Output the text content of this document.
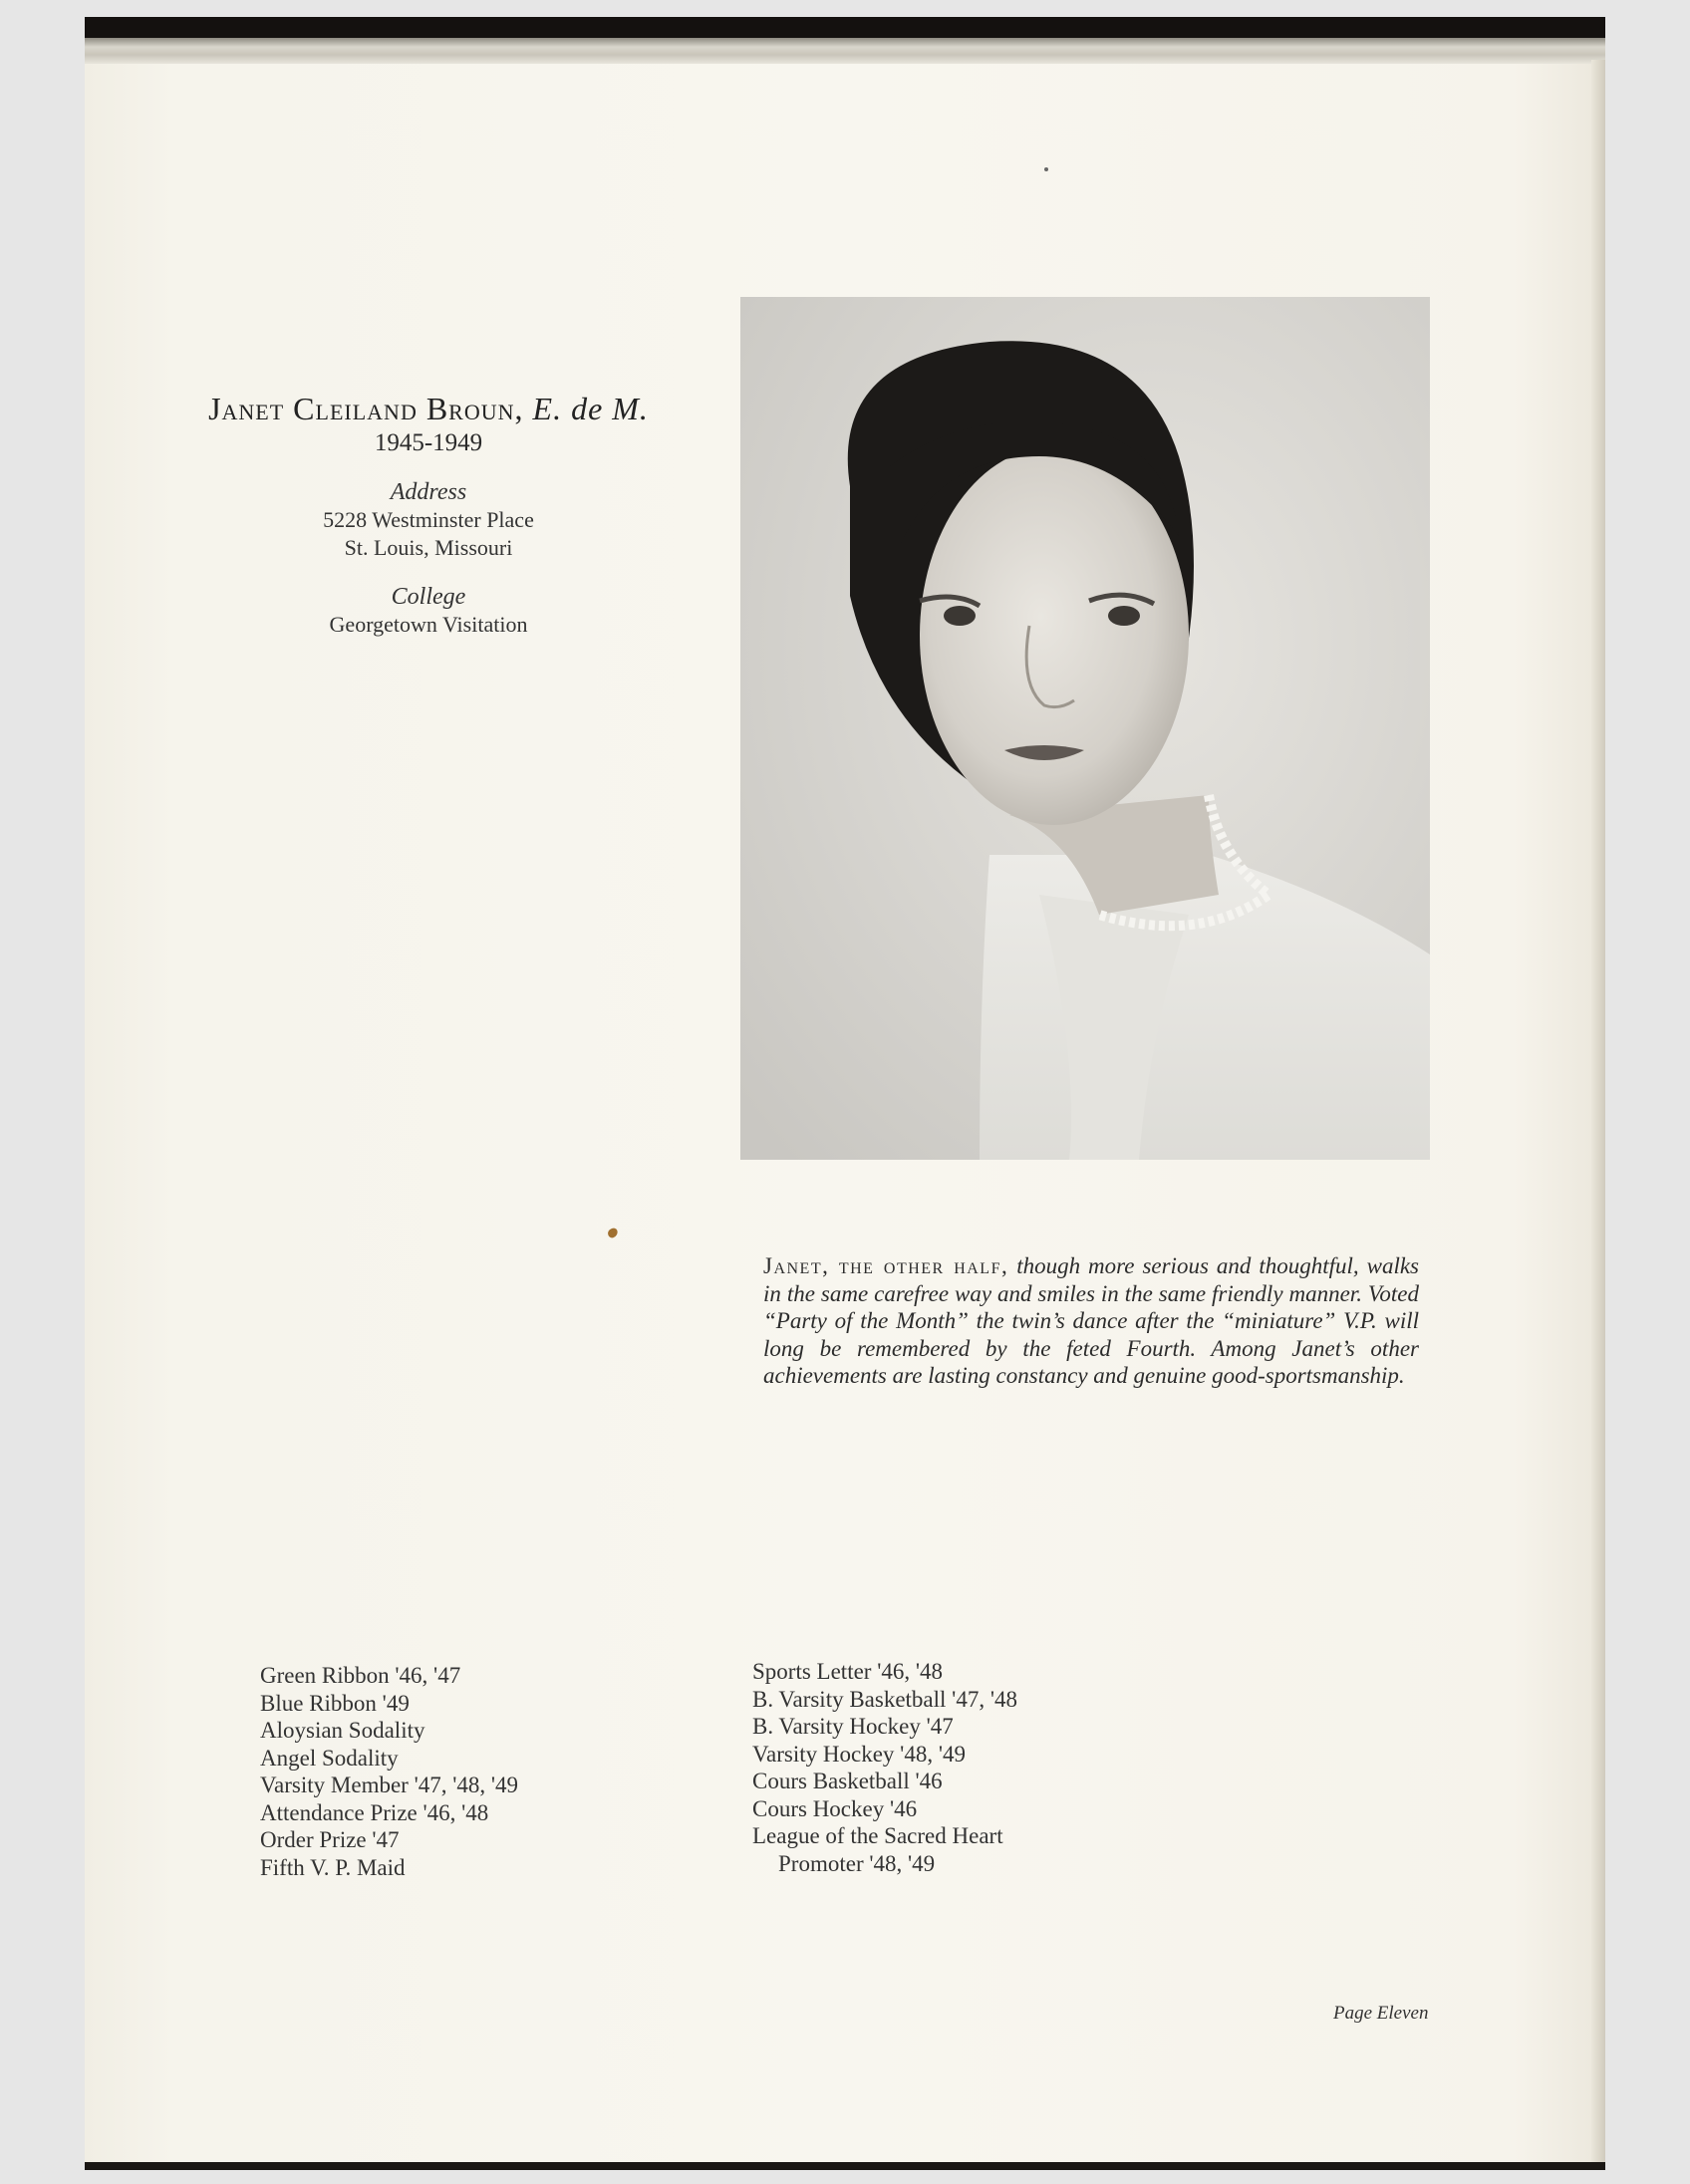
Janet Cleiland Broun, E. de M.
1945-1949
Address
5228 Westminster Place
St. Louis, Missouri
College
Georgetown Visitation
Janet, the other half, though more serious and thoughtful, walks in the same carefree way and smiles in the same friendly manner. Voted “Party of the Month” the twin’s dance after the “miniature” V.P. will long be remembered by the feted Fourth. Among Janet’s other achievements are lasting constancy and genuine good-sportsmanship.
Green Ribbon '46, '47
Blue Ribbon '49
Aloysian Sodality
Angel Sodality
Varsity Member '47, '48, '49
Attendance Prize '46, '48
Order Prize '47
Fifth V. P. Maid
Sports Letter '46, '48
B. Varsity Basketball '47, '48
B. Varsity Hockey '47
Varsity Hockey '48, '49
Cours Basketball '46
Cours Hockey '46
League of the Sacred Heart
Promoter '48, '49
Page Eleven
